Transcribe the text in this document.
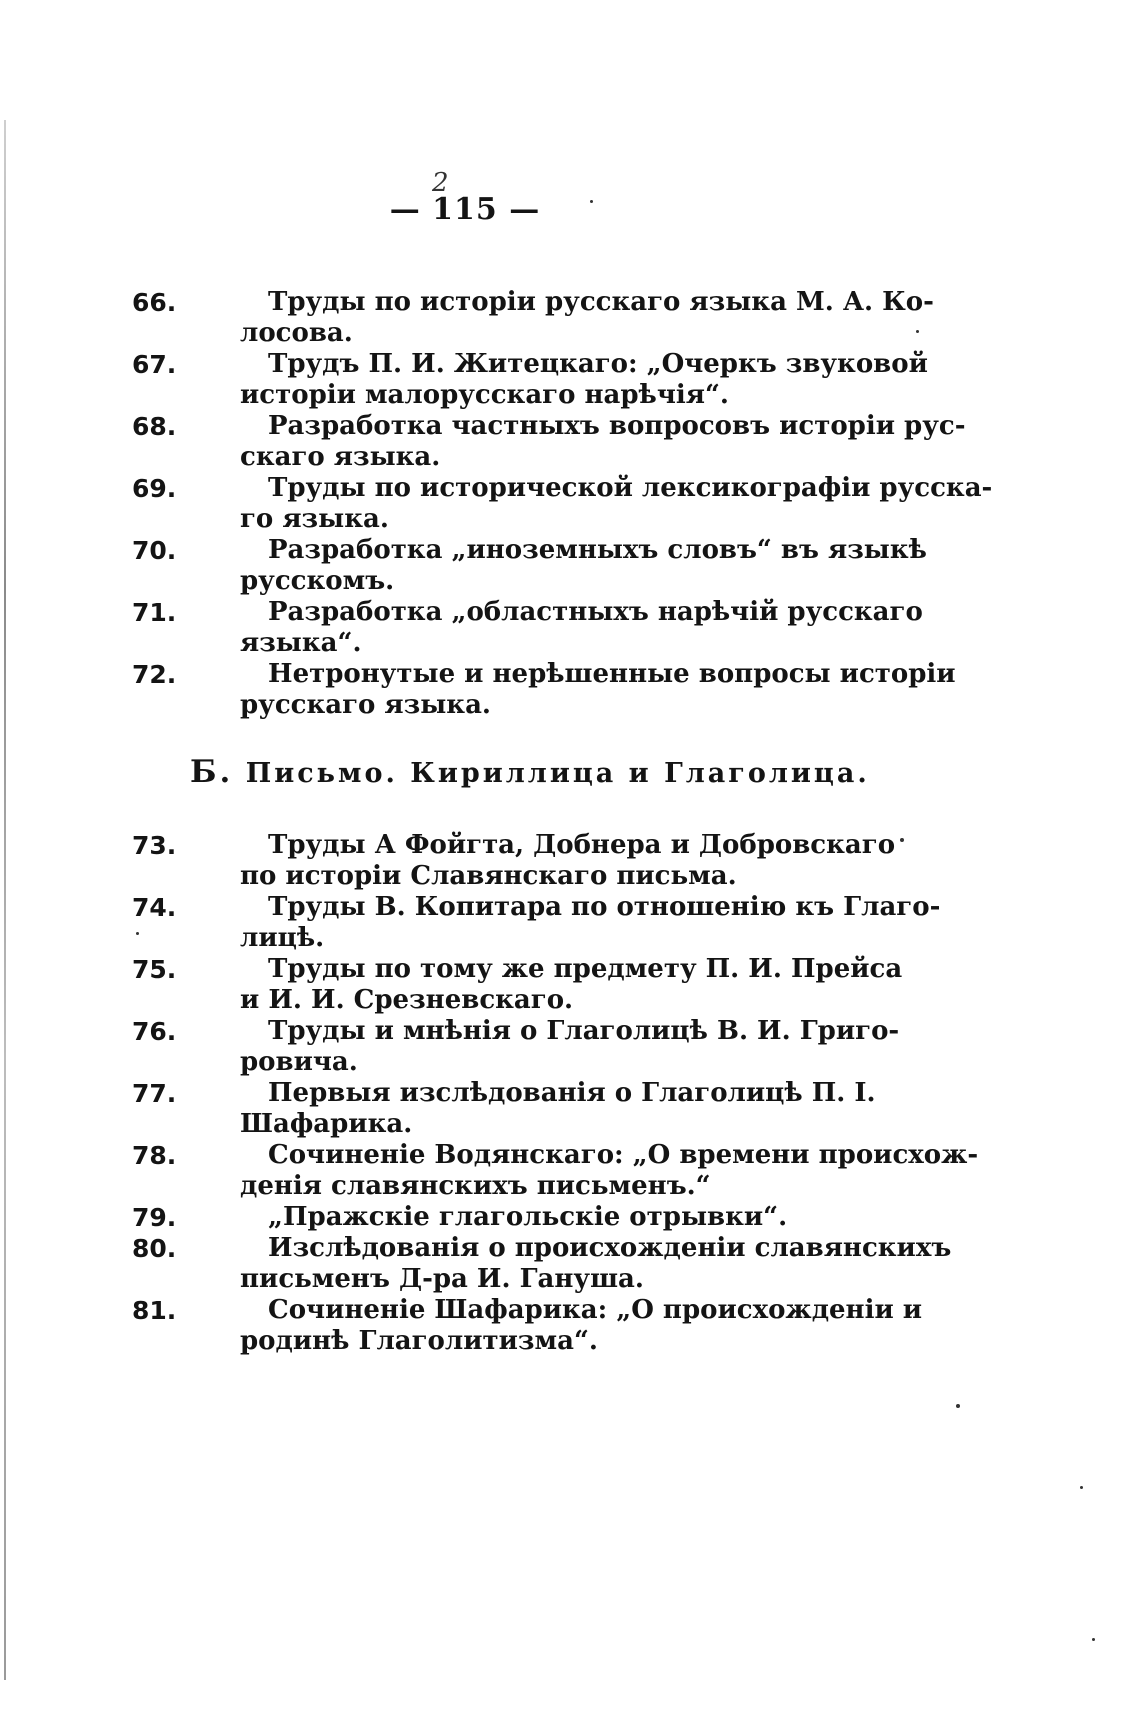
2
— 115 —
66.	Труды по исторіи русскаго языка М. А. Ко-
лосова.
67.	Трудъ П. И. Житецкаго: „Очеркъ звуковой
исторіи малорусскаго нарѣчія“.
68.	Разработка частныхъ вопросовъ исторіи рус-
скаго языка.
69.	Труды по исторической лексикографіи русска-
го языка.
70.	Разработка „иноземныхъ словъ“ въ языкѣ
русскомъ.
71.	Разработка „областныхъ нарѣчій русскаго
языка“.
72.	Нетронутые и нерѣшенные вопросы исторіи
русскаго языка.
Б. Письмо. Кириллица и Глаголица.
73.	Труды А Фойгта, Добнера и Добровскаго
по исторіи Славянскаго письма.
74.	Труды В. Копитара по отношенію къ Глаго-
лицѣ.
75.	Труды по тому же предмету П. И. Прейса
и И. И. Срезневскаго.
76.	Труды и мнѣнія о Глаголицѣ В. И. Григо-
ровича.
77.	Первыя изслѣдованія о Глаголицѣ П. І.
Шафарика.
78.	Сочиненіе Водянскаго: „О времени происхож-
денія славянскихъ письменъ.“
79.	„Пражскіе глагольскіе отрывки“.
80.	Изслѣдованія о происхожденіи славянскихъ
письменъ Д-ра И. Гануша.
81.	Сочиненіе Шафарика: „О происхожденіи и
родинѣ Глаголитизма“.
